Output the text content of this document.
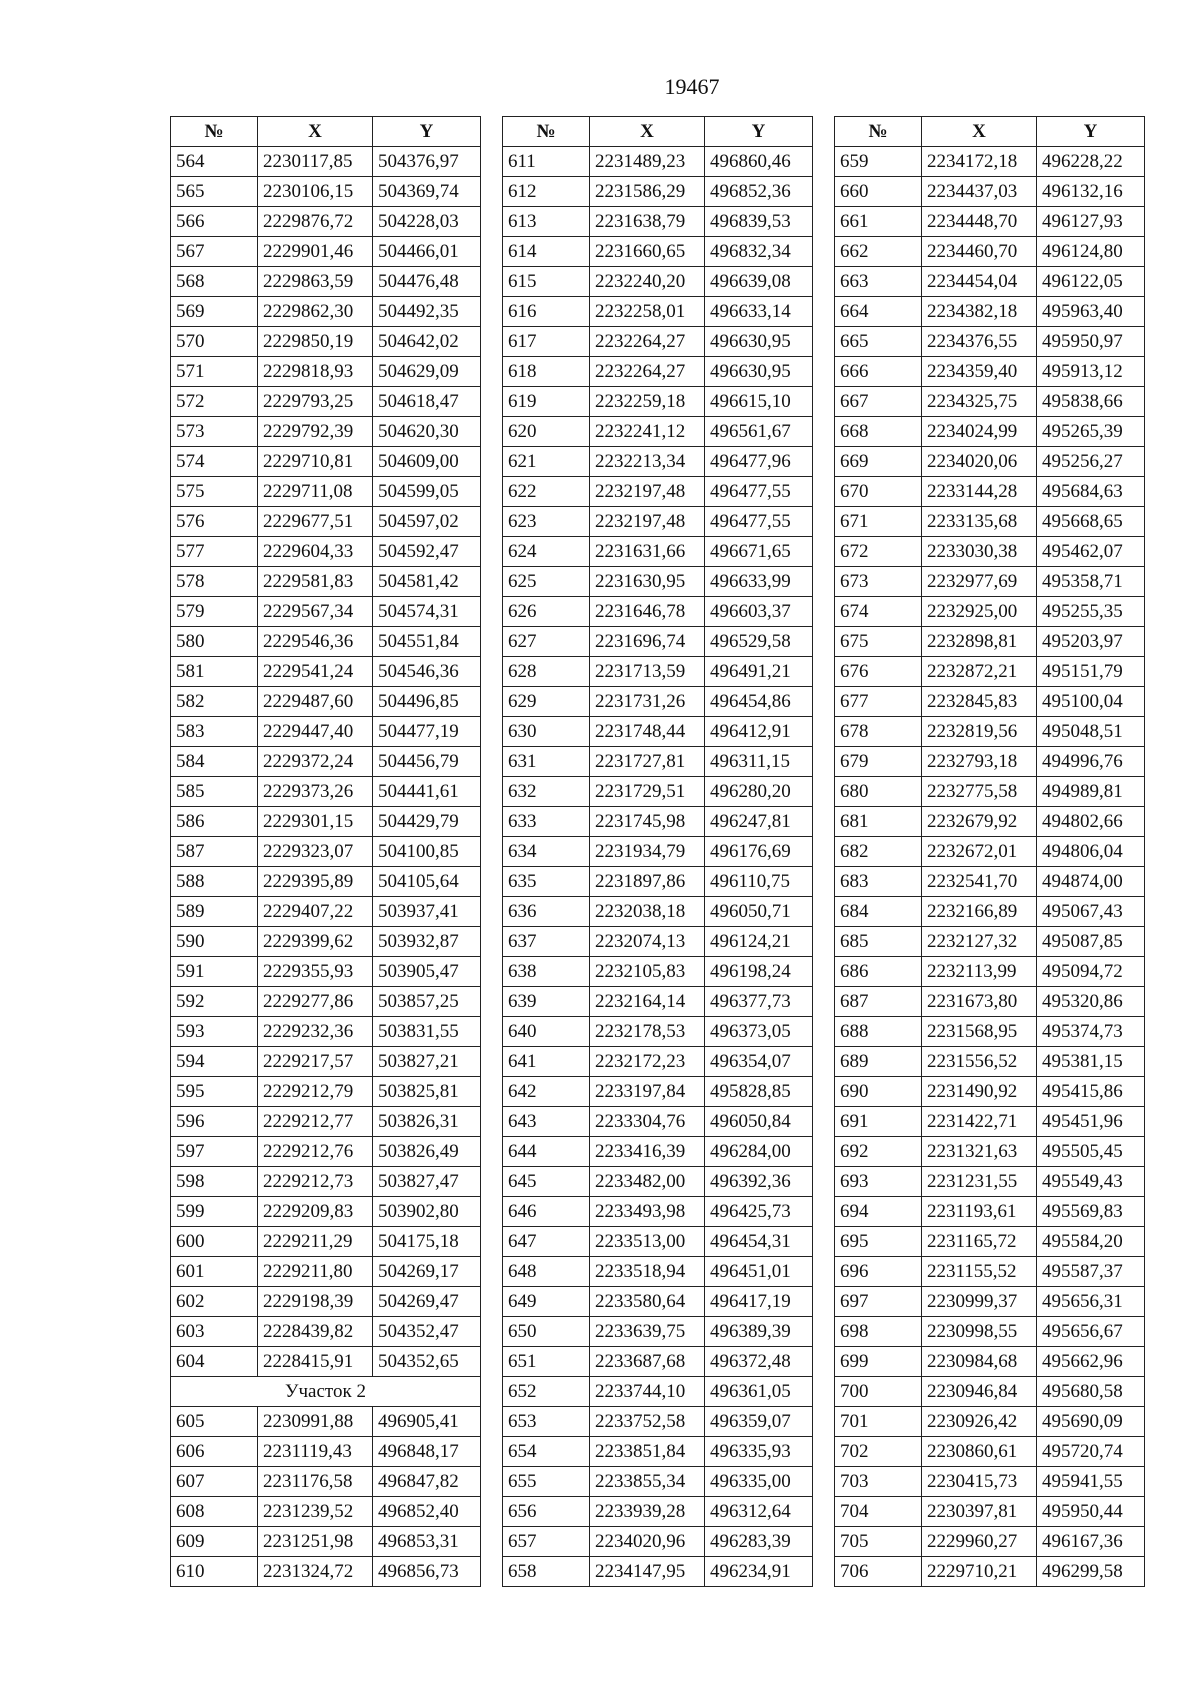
19467
№	X	Y
564	2230117,85	504376,97
565	2230106,15	504369,74
566	2229876,72	504228,03
567	2229901,46	504466,01
568	2229863,59	504476,48
569	2229862,30	504492,35
570	2229850,19	504642,02
571	2229818,93	504629,09
572	2229793,25	504618,47
573	2229792,39	504620,30
574	2229710,81	504609,00
575	2229711,08	504599,05
576	2229677,51	504597,02
577	2229604,33	504592,47
578	2229581,83	504581,42
579	2229567,34	504574,31
580	2229546,36	504551,84
581	2229541,24	504546,36
582	2229487,60	504496,85
583	2229447,40	504477,19
584	2229372,24	504456,79
585	2229373,26	504441,61
586	2229301,15	504429,79
587	2229323,07	504100,85
588	2229395,89	504105,64
589	2229407,22	503937,41
590	2229399,62	503932,87
591	2229355,93	503905,47
592	2229277,86	503857,25
593	2229232,36	503831,55
594	2229217,57	503827,21
595	2229212,79	503825,81
596	2229212,77	503826,31
597	2229212,76	503826,49
598	2229212,73	503827,47
599	2229209,83	503902,80
600	2229211,29	504175,18
601	2229211,80	504269,17
602	2229198,39	504269,47
603	2228439,82	504352,47
604	2228415,91	504352,65
Участок 2		
605	2230991,88	496905,41
606	2231119,43	496848,17
607	2231176,58	496847,82
608	2231239,52	496852,40
609	2231251,98	496853,31
610	2231324,72	496856,73
№	X	Y
611	2231489,23	496860,46
612	2231586,29	496852,36
613	2231638,79	496839,53
614	2231660,65	496832,34
615	2232240,20	496639,08
616	2232258,01	496633,14
617	2232264,27	496630,95
618	2232264,27	496630,95
619	2232259,18	496615,10
620	2232241,12	496561,67
621	2232213,34	496477,96
622	2232197,48	496477,55
623	2232197,48	496477,55
624	2231631,66	496671,65
625	2231630,95	496633,99
626	2231646,78	496603,37
627	2231696,74	496529,58
628	2231713,59	496491,21
629	2231731,26	496454,86
630	2231748,44	496412,91
631	2231727,81	496311,15
632	2231729,51	496280,20
633	2231745,98	496247,81
634	2231934,79	496176,69
635	2231897,86	496110,75
636	2232038,18	496050,71
637	2232074,13	496124,21
638	2232105,83	496198,24
639	2232164,14	496377,73
640	2232178,53	496373,05
641	2232172,23	496354,07
642	2233197,84	495828,85
643	2233304,76	496050,84
644	2233416,39	496284,00
645	2233482,00	496392,36
646	2233493,98	496425,73
647	2233513,00	496454,31
648	2233518,94	496451,01
649	2233580,64	496417,19
650	2233639,75	496389,39
651	2233687,68	496372,48
652	2233744,10	496361,05
653	2233752,58	496359,07
654	2233851,84	496335,93
655	2233855,34	496335,00
656	2233939,28	496312,64
657	2234020,96	496283,39
658	2234147,95	496234,91
№	X	Y
659	2234172,18	496228,22
660	2234437,03	496132,16
661	2234448,70	496127,93
662	2234460,70	496124,80
663	2234454,04	496122,05
664	2234382,18	495963,40
665	2234376,55	495950,97
666	2234359,40	495913,12
667	2234325,75	495838,66
668	2234024,99	495265,39
669	2234020,06	495256,27
670	2233144,28	495684,63
671	2233135,68	495668,65
672	2233030,38	495462,07
673	2232977,69	495358,71
674	2232925,00	495255,35
675	2232898,81	495203,97
676	2232872,21	495151,79
677	2232845,83	495100,04
678	2232819,56	495048,51
679	2232793,18	494996,76
680	2232775,58	494989,81
681	2232679,92	494802,66
682	2232672,01	494806,04
683	2232541,70	494874,00
684	2232166,89	495067,43
685	2232127,32	495087,85
686	2232113,99	495094,72
687	2231673,80	495320,86
688	2231568,95	495374,73
689	2231556,52	495381,15
690	2231490,92	495415,86
691	2231422,71	495451,96
692	2231321,63	495505,45
693	2231231,55	495549,43
694	2231193,61	495569,83
695	2231165,72	495584,20
696	2231155,52	495587,37
697	2230999,37	495656,31
698	2230998,55	495656,67
699	2230984,68	495662,96
700	2230946,84	495680,58
701	2230926,42	495690,09
702	2230860,61	495720,74
703	2230415,73	495941,55
704	2230397,81	495950,44
705	2229960,27	496167,36
706	2229710,21	496299,58
